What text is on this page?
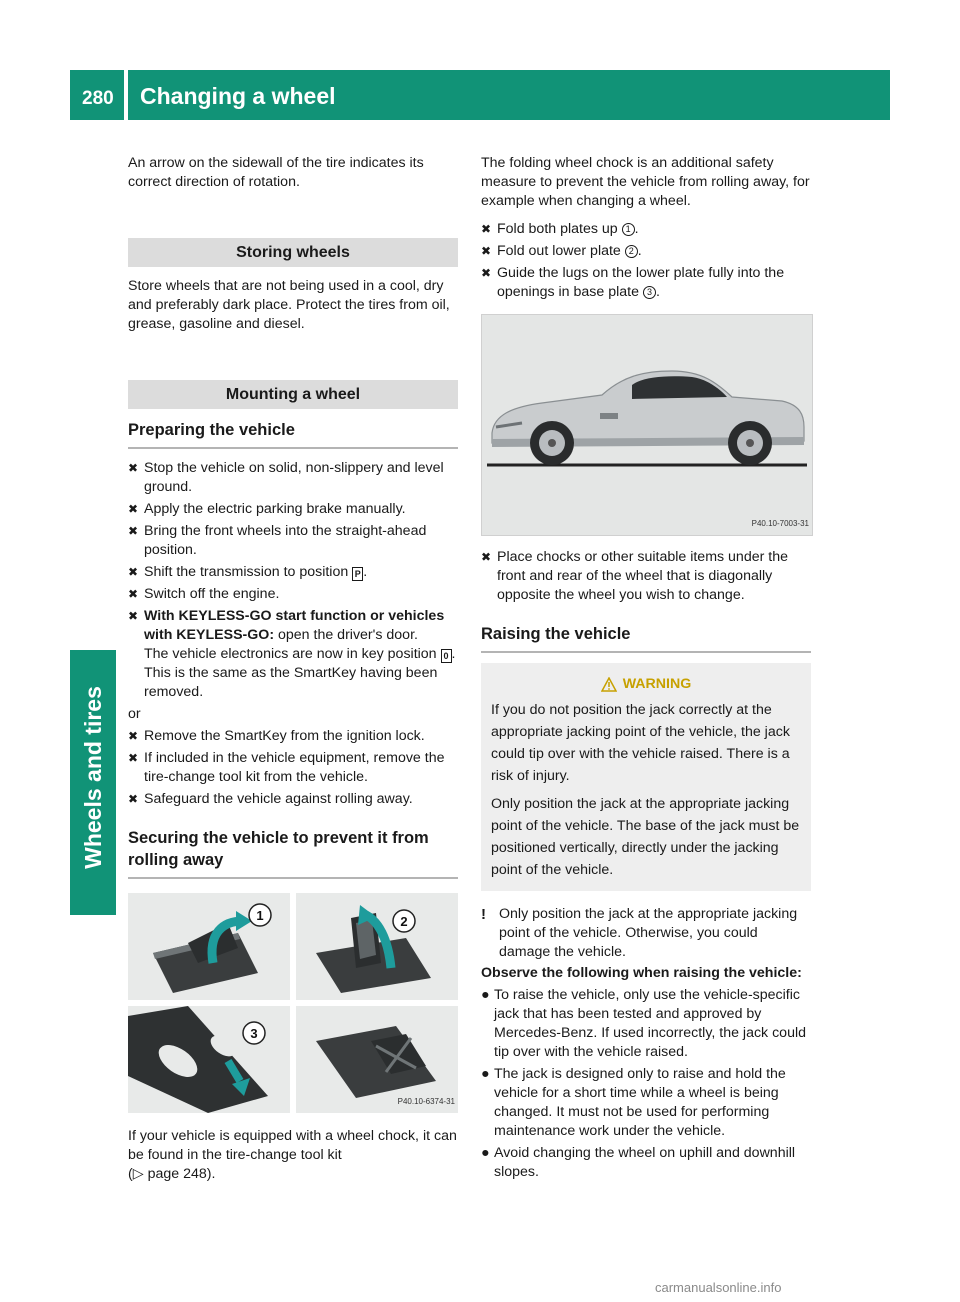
280 Changing a wheel
Wheels and tires

An arrow on the sidewall of the tire indicates its correct direction of rotation.

Storing wheels

Store wheels that are not being used in a cool, dry and preferably dark place. Protect the tires from oil, grease, gasoline and diesel.

Mounting a wheel
Preparing the vehicle
✖ Stop the vehicle on solid, non-slippery and level ground.
✖ Apply the electric parking brake manually.
✖ Bring the front wheels into the straight-ahead position.
✖ Shift the transmission to position P .
✖ Switch off the engine.
✖ With KEYLESS-GO start function or vehicles with KEYLESS-GO: open the driver's door.
The vehicle electronics are now in key position 0 . This is the same as the SmartKey having been removed.

or

✖ Remove the SmartKey from the ignition lock.
✖ If included in the vehicle equipment, remove the tire-change tool kit from the vehicle.
✖ Safeguard the vehicle against rolling away.
Securing the vehicle to prevent it from rolling away
1	2
3
P40.10-6374-31

If your vehicle is equipped with a wheel chock, it can be found in the tire-change tool kit
(▷ page 248).

The folding wheel chock is an additional safety measure to prevent the vehicle from rolling away, for example when changing a wheel.

✖ Fold both plates up 1 .
✖ Fold out lower plate 2 .
✖ Guide the lugs on the lower plate fully into the openings in base plate 3 .
P40.10-7003-31
✖ Place chocks or other suitable items under the front and rear of the wheel that is diagonally opposite the wheel you wish to change.
Raising the vehicle
WARNING

If you do not position the jack correctly at the appropriate jacking point of the vehicle, the jack could tip over with the vehicle raised. There is a risk of injury.

Only position the jack at the appropriate jacking point of the vehicle. The base of the jack must be positioned vertically, directly under the jacking point of the vehicle.

! Only position the jack at the appropriate jacking point of the vehicle. Otherwise, you could damage the vehicle.

Observe the following when raising the vehicle:

● To raise the vehicle, only use the vehicle-specific jack that has been tested and approved by Mercedes-Benz. If used incorrectly, the jack could tip over with the vehicle raised.
● The jack is designed only to raise and hold the vehicle for a short time while a wheel is being changed. It must not be used for performing maintenance work under the vehicle.
● Avoid changing the wheel on uphill and downhill slopes.
carmanualsonline.info
